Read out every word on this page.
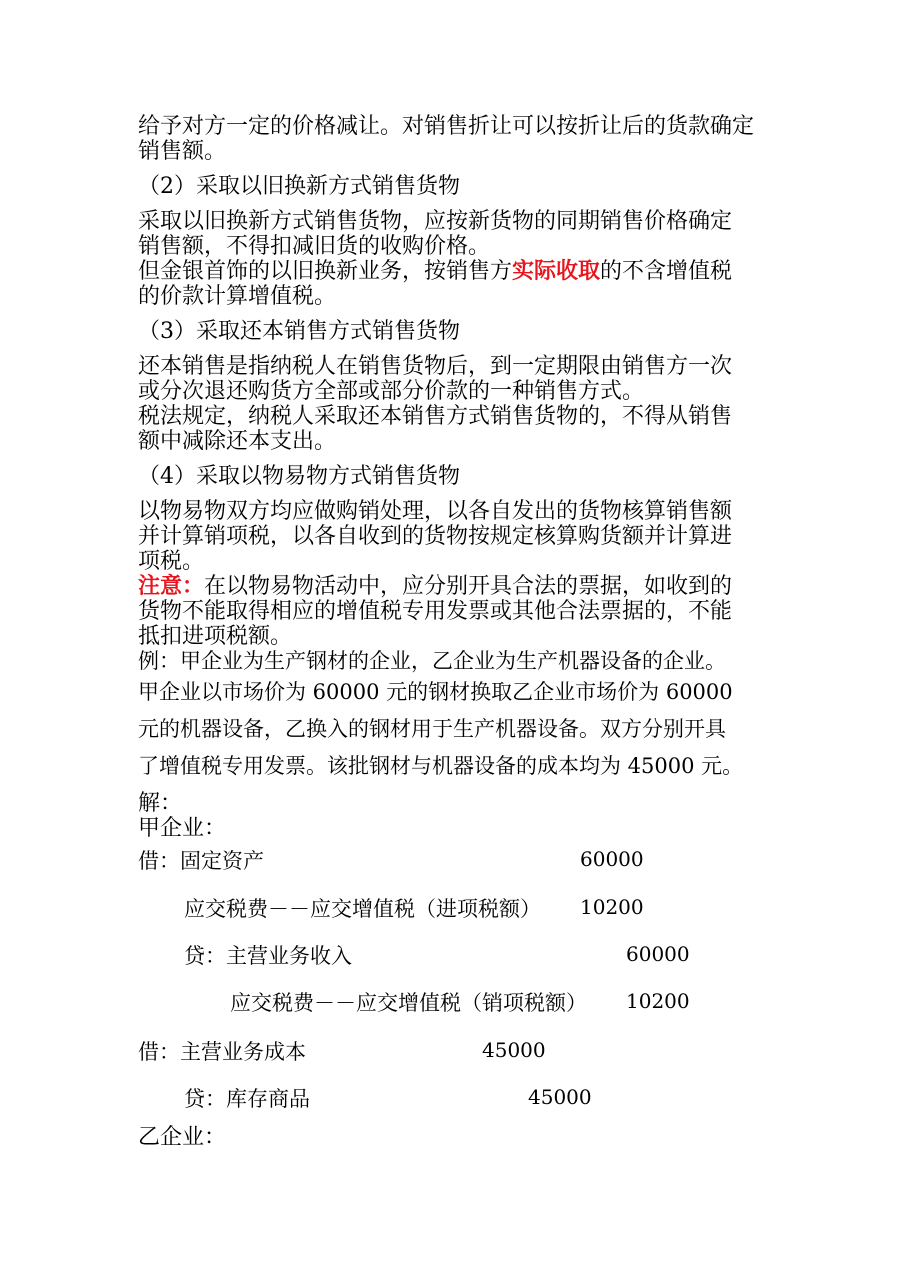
给予对方一定的价格减让。对销售折让可以按折让后的货款确定

销售额。

（2）采取以旧换新方式销售货物

采取以旧换新方式销售货物，应按新货物的同期销售价格确定

销售额，不得扣减旧货的收购价格。

但金银首饰的以旧换新业务，按销售方实际收取的不含增值税

的价款计算增值税。

（3）采取还本销售方式销售货物

还本销售是指纳税人在销售货物后，到一定期限由销售方一次

或分次退还购货方全部或部分价款的一种销售方式。

税法规定，纳税人采取还本销售方式销售货物的，不得从销售

额中减除还本支出。

（4）采取以物易物方式销售货物

以物易物双方均应做购销处理，以各自发出的货物核算销售额

并计算销项税，以各自收到的货物按规定核算购货额并计算进

项税。

注意：在以物易物活动中，应分别开具合法的票据，如收到的

货物不能取得相应的增值税专用发票或其他合法票据的，不能

抵扣进项税额。

例：甲企业为生产钢材的企业，乙企业为生产机器设备的企业。

甲企业以市场价为 60000 元的钢材换取乙企业市场价为 60000

元的机器设备，乙换入的钢材用于生产机器设备。双方分别开具

了增值税专用发票。该批钢材与机器设备的成本均为 45000 元。

解：

甲企业：

借：固定资产	60000
应交税费－－应交增值税（进项税额） 10200
贷：主营业务收入	60000
应交税费－－应交增值税（销项税额） 10200
借：主营业务成本	45000
贷：库存商品	45000
乙企业：
